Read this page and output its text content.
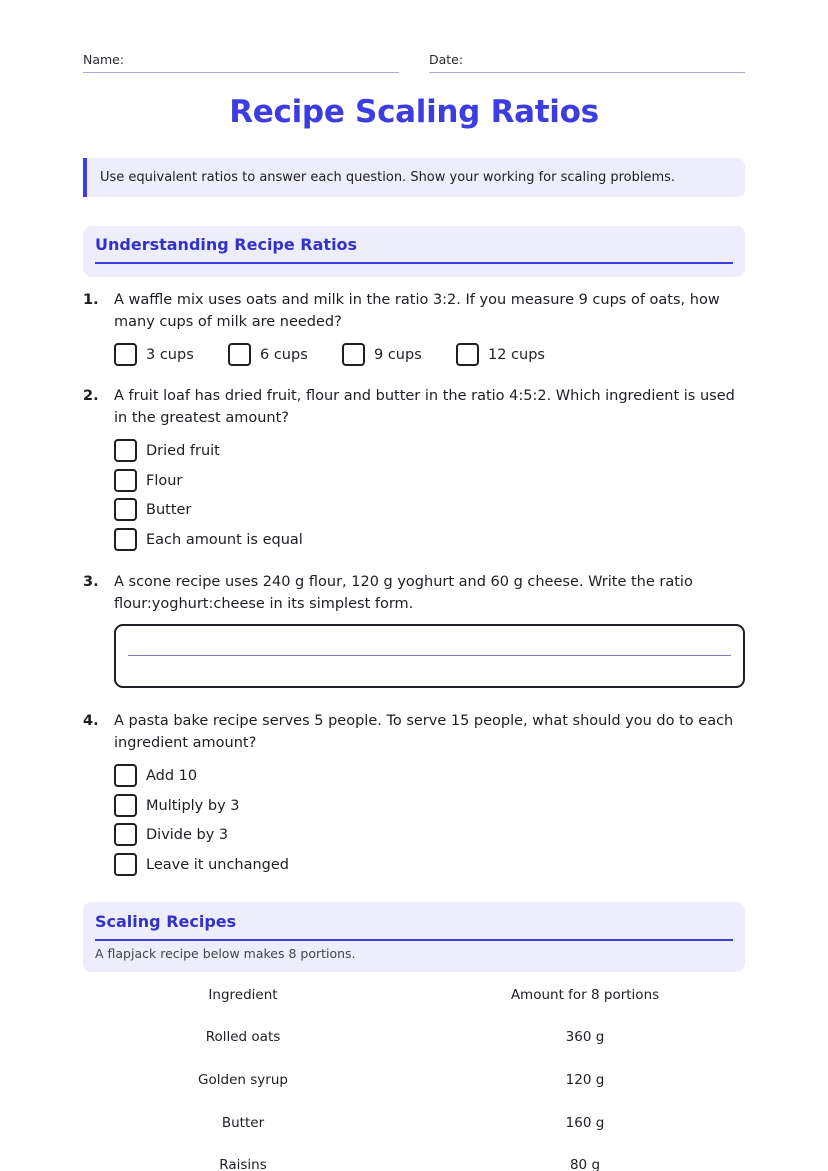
Name:	Date:
Recipe Scaling Ratios
Use equivalent ratios to answer each question. Show your working for scaling problems.
Understanding Recipe Ratios
1. A waffle mix uses oats and milk in the ratio 3:2. If you measure 9 cups of oats, how many cups of milk are needed?
3 cups	6 cups	9 cups	12 cups
2. A fruit loaf has dried fruit, flour and butter in the ratio 4:5:2. Which ingredient is used in the greatest amount?
Dried fruit
Flour
Butter
Each amount is equal
3. A scone recipe uses 240 g flour, 120 g yoghurt and 60 g cheese. Write the ratio flour:yoghurt:cheese in its simplest form.
4. A pasta bake recipe serves 5 people. To serve 15 people, what should you do to each ingredient amount?
Add 10
Multiply by 3
Divide by 3
Leave it unchanged
Scaling Recipes
A flapjack recipe below makes 8 portions.
Ingredient	Amount for 8 portions
Rolled oats	360 g
Golden syrup	120 g
Butter	160 g
Raisins	80 g
